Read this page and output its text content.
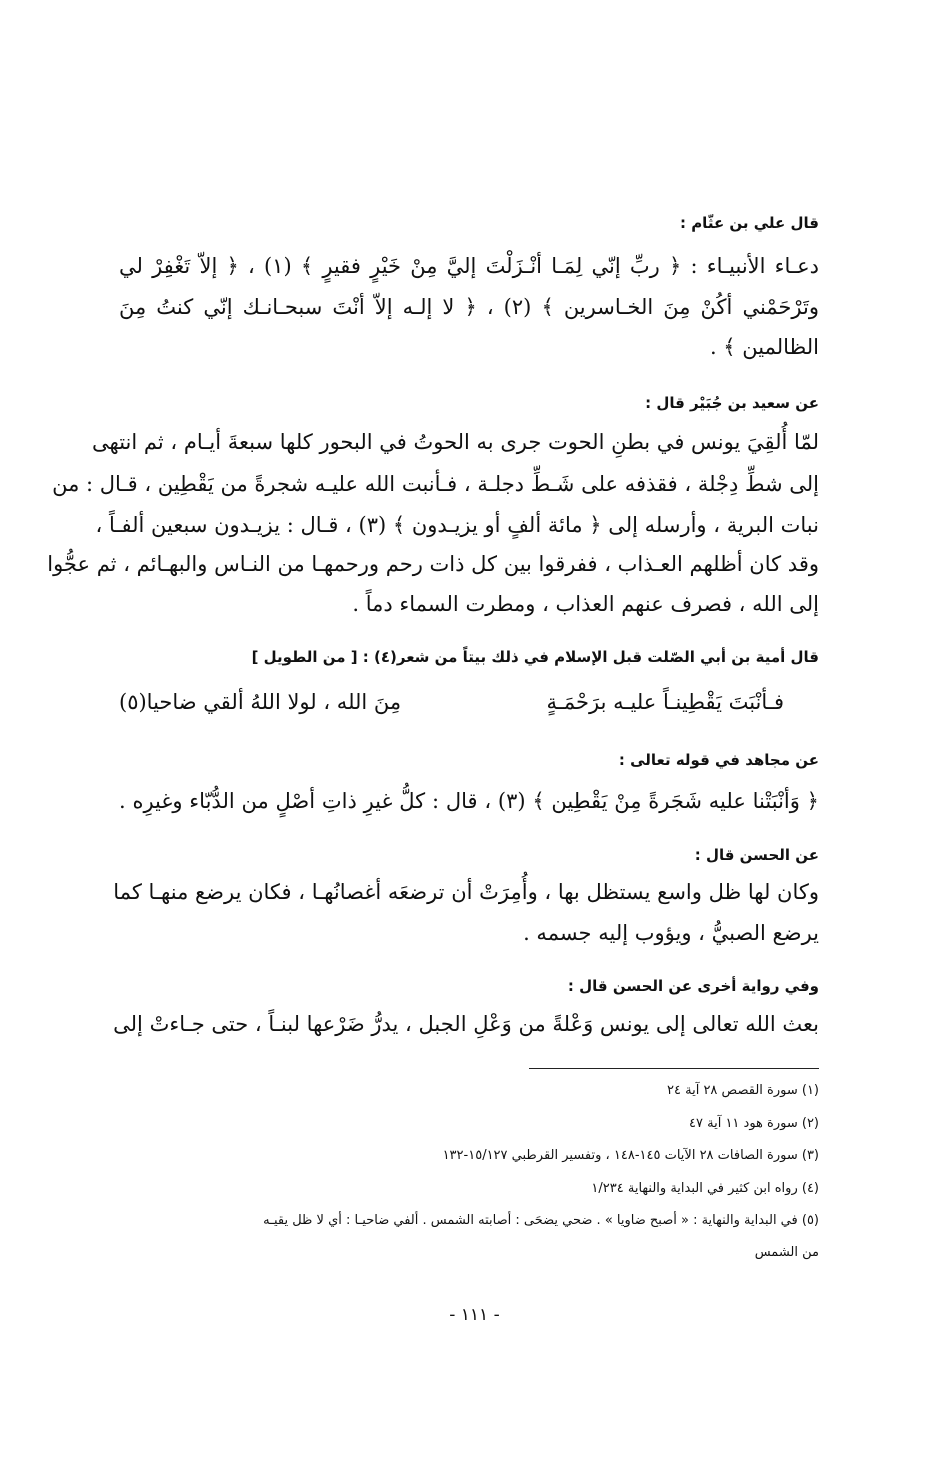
قال علي بن عثّام :
دعـاء الأنبيـاء : ﴿ ربِّ إنّي لِمَـا أنْـزَلْتَ إليَّ مِنْ خَيْرٍ فقيرٍ ﴾ (١) ، ﴿ إلاّ تَغْفِرْ لي
وتَرْحَمْني أكُنْ مِنَ الخـاسرين ﴾ (٢) ، ﴿ لا إلـه إلاّ أنْتَ سبحـانـك إنّي كنتُ مِنَ
الظالمين ﴾ .
عن سعيد بن جُبَيْر قال :
لمّا أُلقِيَ يونس في بطنِ الحوت جرى به الحوتُ في البحور كلها سبعةَ أيـام ، ثم انتهى
إلى شطِّ دِجْلة ، فقذفه على شَـطِّ دجلـة ، فـأنبت الله عليـه شجرةً من يَقْطِين ، قـال : من
نبات البرية ، وأرسله إلى ﴿ مائة ألفٍ أو يزيـدون ﴾ (٣) ، قـال : يزيـدون سبعين ألفـاً ،
وقد كان أظلهم العـذاب ، ففرقوا بين كل ذات رحم ورحمهـا من النـاس والبهـائم ، ثم عجُّوا
إلى الله ، فصرف عنهم العذاب ، ومطرت السماء دماً .
قال أمية بن أبي الصّلت قبل الإسلام في ذلك بيتاً من شعر(٤) : [ من الطويل ]
فـأنْبَتَ يَقْطِينـاً عليـه برَحْمَـةٍ
مِنَ الله ، لولا اللهُ ألقي ضاحيا(٥)
عن مجاهد في قوله تعالى :
﴿ وَأنْبَتْنا عليه شَجَرةً مِنْ يَقْطِين ﴾ (٣) ، قال : كلُّ غيرِ ذاتِ أصْلٍ من الدُّبّاء وغيرِه .
عن الحسن قال :
وكان لها ظل واسع يستظل بها ، وأُمِرَتْ أن ترضعَه أغصانُهـا ، فكان يرضع منهـا كما
يرضع الصبيُّ ، ويؤوب إليه جسمه .
وفي رواية أخرى عن الحسن قال :
بعث الله تعالى إلى يونس وَعْلةً من وَعْلِ الجبل ، يدرُّ ضَرْعها لبنـاً ، حتى جـاءتْ إلى
(١) سورة القصص ٢٨ آية ٢٤
(٢) سورة هود ١١ آية ٤٧
(٣) سورة الصافات ٢٨ الآيات ١٤٥-١٤٨ ، وتفسير القرطبي ١٥/١٢٧-١٣٢
(٤) رواه ابن كثير في البداية والنهاية ١/٢٣٤
(٥) في البداية والنهاية : « أصبح ضاويا » . ضحي يضحَى : أصابته الشمس . ألفي ضاحيـا : أي لا ظل يقيـه
من الشمس
- ١١١ -
